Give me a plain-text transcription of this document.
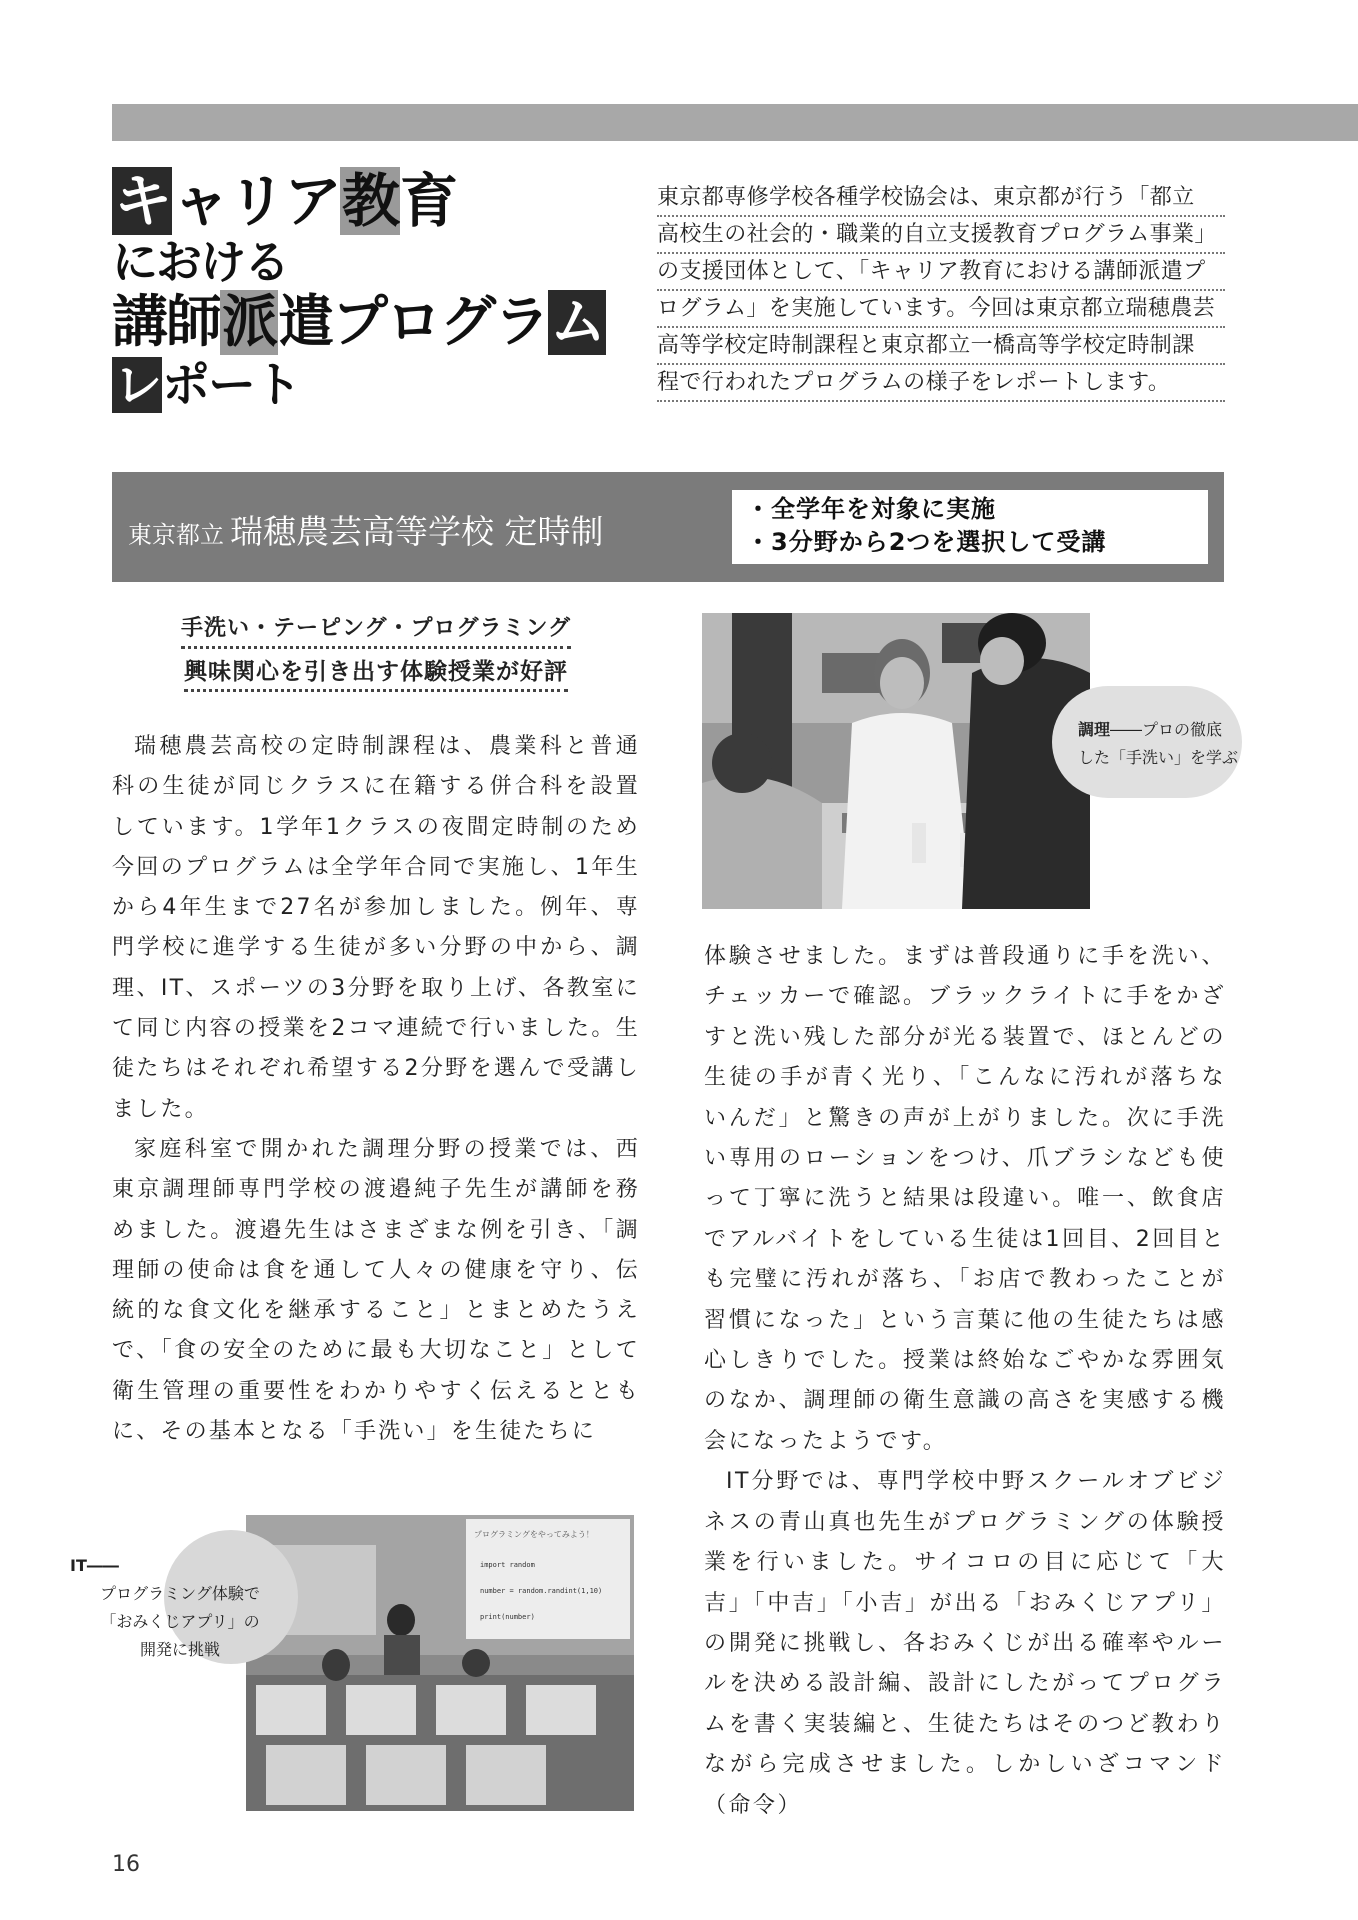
キャリア教育
における
講師派遣プログラム
レポート
東京都専修学校各種学校協会は、東京都が行う「都立
高校生の社会的・職業的自立支援教育プログラム事業」
の支援団体として、「キャリア教育における講師派遣プ
ログラム」を実施しています。今回は東京都立瑞穂農芸
高等学校定時制課程と東京都立一橋高等学校定時制課
程で行われたプログラムの様子をレポートします。
東京都立 瑞穂農芸高等学校 定時制
・全学年を対象に実施
・3分野から2つを選択して受講
手洗い・テーピング・プログラミング
興味関心を引き出す体験授業が好評

瑞穂農芸高校の定時制課程は、農業科と普通科の生徒が同じクラスに在籍する併合科を設置しています。1学年1クラスの夜間定時制のため今回のプログラムは全学年合同で実施し、1年生から4年生まで27名が参加しました。例年、専門学校に進学する生徒が多い分野の中から、調理、IT、スポーツの3分野を取り上げ、各教室にて同じ内容の授業を2コマ連続で行いました。生徒たちはそれぞれ希望する2分野を選んで受講しました。

家庭科室で開かれた調理分野の授業では、西東京調理師専門学校の渡邉純子先生が講師を務めました。渡邉先生はさまざまな例を引き、「調理師の使命は食を通して人々の健康を守り、伝統的な食文化を継承すること」とまとめたうえで、「食の安全のために最も大切なこと」として衛生管理の重要性をわかりやすく伝えるとともに、その基本となる「手洗い」を生徒たちに

体験させました。まずは普段通りに手を洗い、チェッカーで確認。ブラックライトに手をかざすと洗い残した部分が光る装置で、ほとんどの生徒の手が青く光り、「こんなに汚れが落ちないんだ」と驚きの声が上がりました。次に手洗い専用のローションをつけ、爪ブラシなども使って丁寧に洗うと結果は段違い。唯一、飲食店でアルバイトをしている生徒は1回目、2回目とも完璧に汚れが落ち、「お店で教わったことが習慣になった」という言葉に他の生徒たちは感心しきりでした。授業は終始なごやかな雰囲気のなか、調理師の衛生意識の高さを実感する機会になったようです。

IT分野では、専門学校中野スクールオブビジネスの青山真也先生がプログラミングの体験授業を行いました。サイコロの目に応じて「大吉」「中吉」「小吉」が出る「おみくじアプリ」の開発に挑戦し、各おみくじが出る確率やルールを決める設計編、設計にしたがってプログラムを書く実装編と、生徒たちはそのつど教わりながら完成させました。しかしいざコマンド（命令）

調理――プロの徹底
した「手洗い」を学ぶ
プログラミングをやってみよう！
import random
number = random.randint(1,10)
print(number)
IT――

プログラミング体験で
「おみくじアプリ」の
開発に挑戦
16
